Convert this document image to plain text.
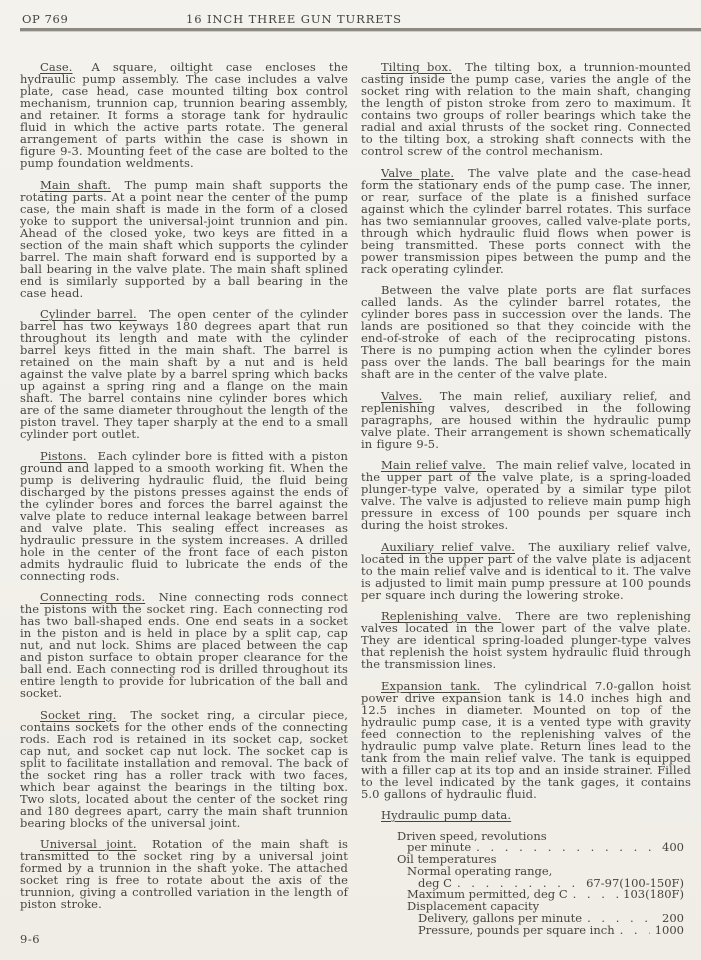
OP 769	16 INCH THREE GUN TURRETS

Case. A square, oiltight case encloses the hydraulic pump assembly. The case includes a valve plate, case head, case mounted tilting box control mechanism, trunnion cap, trunnion bearing assembly, and retainer. It forms a storage tank for hydraulic fluid in which the active parts rotate. The general arrangement of parts within the case is shown in figure 9-3. Mounting feet of the case are bolted to the pump foundation weldments.

Main shaft. The pump main shaft supports the rotating parts. At a point near the center of the pump case, the main shaft is made in the form of a closed yoke to support the universal-joint trunnion and pin. Ahead of the closed yoke, two keys are fitted in a section of the main shaft which supports the cylinder barrel. The main shaft forward end is supported by a ball bearing in the valve plate. The main shaft splined end is similarly supported by a ball bearing in the case head.

Cylinder barrel. The open center of the cylinder barrel has two keyways 180 degrees apart that run throughout its length and mate with the cylinder barrel keys fitted in the main shaft. The barrel is retained on the main shaft by a nut and is held against the valve plate by a barrel spring which backs up against a spring ring and a flange on the main shaft. The barrel contains nine cylinder bores which are of the same diameter throughout the length of the piston travel. They taper sharply at the end to a small cylinder port outlet.

Pistons. Each cylinder bore is fitted with a piston ground and lapped to a smooth working fit. When the pump is delivering hydraulic fluid, the fluid being discharged by the pistons presses against the ends of the cylinder bores and forces the barrel against the valve plate to reduce internal leakage between barrel and valve plate. This sealing effect increases as hydraulic pressure in the system increases. A drilled hole in the center of the front face of each piston admits hydraulic fluid to lubricate the ends of the connecting rods.

Connecting rods. Nine connecting rods connect the pistons with the socket ring. Each connecting rod has two ball-shaped ends. One end seats in a socket in the piston and is held in place by a split cap, cap nut, and nut lock. Shims are placed between the cap and piston surface to obtain proper clearance for the ball end. Each connecting rod is drilled throughout its entire length to provide for lubrication of the ball and socket.

Socket ring. The socket ring, a circular piece, contains sockets for the other ends of the connecting rods. Each rod is retained in its socket cap, socket cap nut, and socket cap nut lock. The socket cap is split to facilitate installation and removal. The back of the socket ring has a roller track with two faces, which bear against the bearings in the tilting box. Two slots, located about the center of the socket ring and 180 degrees apart, carry the main shaft trunnion bearing blocks of the universal joint.

Universal joint. Rotation of the main shaft is transmitted to the socket ring by a universal joint formed by a trunnion in the shaft yoke. The attached socket ring is free to rotate about the axis of the trunnion, giving a controlled variation in the length of piston stroke.

Tilting box. The tilting box, a trunnion-mounted casting inside the pump case, varies the angle of the socket ring with relation to the main shaft, changing the length of piston stroke from zero to maximum. It contains two groups of roller bearings which take the radial and axial thrusts of the socket ring. Connected to the tilting box, a stroking shaft connects with the control screw of the control mechanism.

Valve plate. The valve plate and the case-head form the stationary ends of the pump case. The inner, or rear, surface of the plate is a finished surface against which the cylinder barrel rotates. This surface has two semiannular grooves, called valve-plate ports, through which hydraulic fluid flows when power is being transmitted. These ports connect with the power transmission pipes between the pump and the rack operating cylinder.

Between the valve plate ports are flat surfaces called lands. As the cylinder barrel rotates, the cylinder bores pass in succession over the lands. The lands are positioned so that they coincide with the end-of-stroke of each of the reciprocating pistons. There is no pumping action when the cylinder bores pass over the lands. The ball bearings for the main shaft are in the center of the valve plate.

Valves. The main relief, auxiliary relief, and replenishing valves, described in the following paragraphs, are housed within the hydraulic pump valve plate. Their arrangement is shown schematically in figure 9-5.

Main relief valve. The main relief valve, located in the upper part of the valve plate, is a spring-loaded plunger-type valve, operated by a similar type pilot valve. The valve is adjusted to relieve main pump high pressure in excess of 100 pounds per square inch during the hoist strokes.

Auxiliary relief valve. The auxiliary relief valve, located in the upper part of the valve plate is adjacent to the main relief valve and is identical to it. The valve is adjusted to limit main pump pressure at 100 pounds per square inch during the lowering stroke.

Replenishing valve. There are two replenishing valves located in the lower part of the valve plate. They are identical spring-loaded plunger-type valves that replenish the hoist system hydraulic fluid through the transmission lines.

Expansion tank. The cylindrical 7.0-gallon hoist power drive expansion tank is 14.0 inches high and 12.5 inches in diameter. Mounted on top of the hydraulic pump case, it is a vented type with gravity feed connection to the replenishing valves of the hydraulic pump valve plate. Return lines lead to the tank from the main relief valve. The tank is equipped with a filler cap at its top and an inside strainer. Filled to the level indicated by the tank gages, it contains 5.0 gallons of hydraulic fluid.

Hydraulic pump data.

Driven speed, revolutions
per minute . . .	400
Oil temperatures
Normal operating range,
deg C . . .	67-97(100-150F)
Maximum permitted, deg C . . .	103(180F)
Displacement capacity
Delivery, gallons per minute . . .	200
Pressure, pounds per square inch . . .	1000
9-6
